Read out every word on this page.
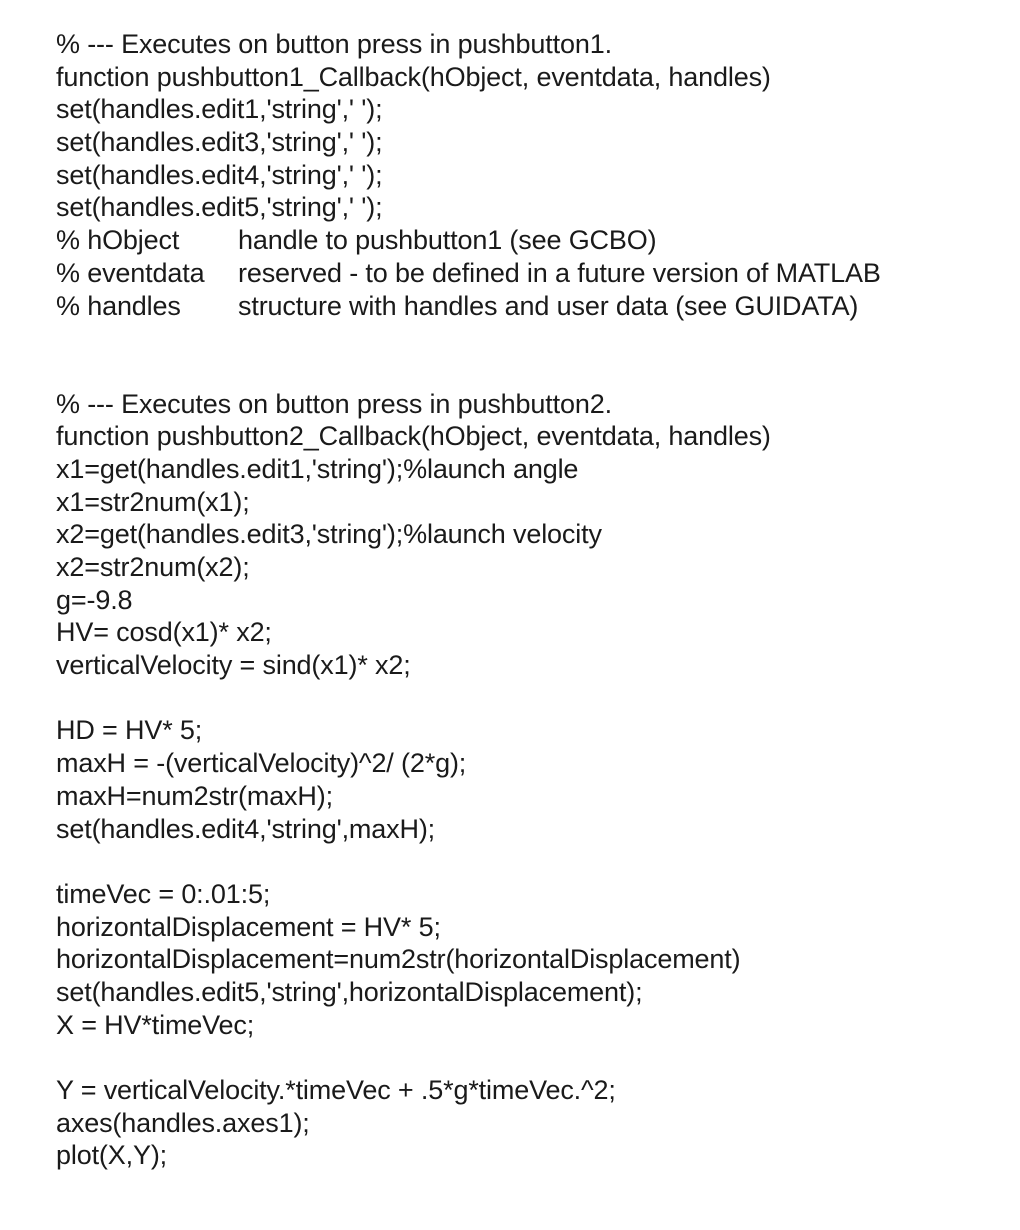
% --- Executes on button press in pushbutton1.
function pushbutton1_Callback(hObject, eventdata, handles)
set(handles.edit1,'string',' ');
set(handles.edit3,'string',' ');
set(handles.edit4,'string',' ');
set(handles.edit5,'string',' ');
% hObject	handle to pushbutton1 (see GCBO)
% eventdata	reserved - to be defined in a future version of MATLAB
% handles	structure with handles and user data (see GUIDATA)
% --- Executes on button press in pushbutton2.
function pushbutton2_Callback(hObject, eventdata, handles)
x1=get(handles.edit1,'string');%launch angle
x1=str2num(x1);
x2=get(handles.edit3,'string');%launch velocity
x2=str2num(x2);
g=-9.8
HV= cosd(x1)* x2;
verticalVelocity = sind(x1)* x2;
HD = HV* 5;
maxH = -(verticalVelocity)^2/ (2*g);
maxH=num2str(maxH);
set(handles.edit4,'string',maxH);
timeVec = 0:.01:5;
horizontalDisplacement = HV* 5;
horizontalDisplacement=num2str(horizontalDisplacement)
set(handles.edit5,'string',horizontalDisplacement);
X = HV*timeVec;
Y = verticalVelocity.*timeVec + .5*g*timeVec.^2;
axes(handles.axes1);
plot(X,Y);
